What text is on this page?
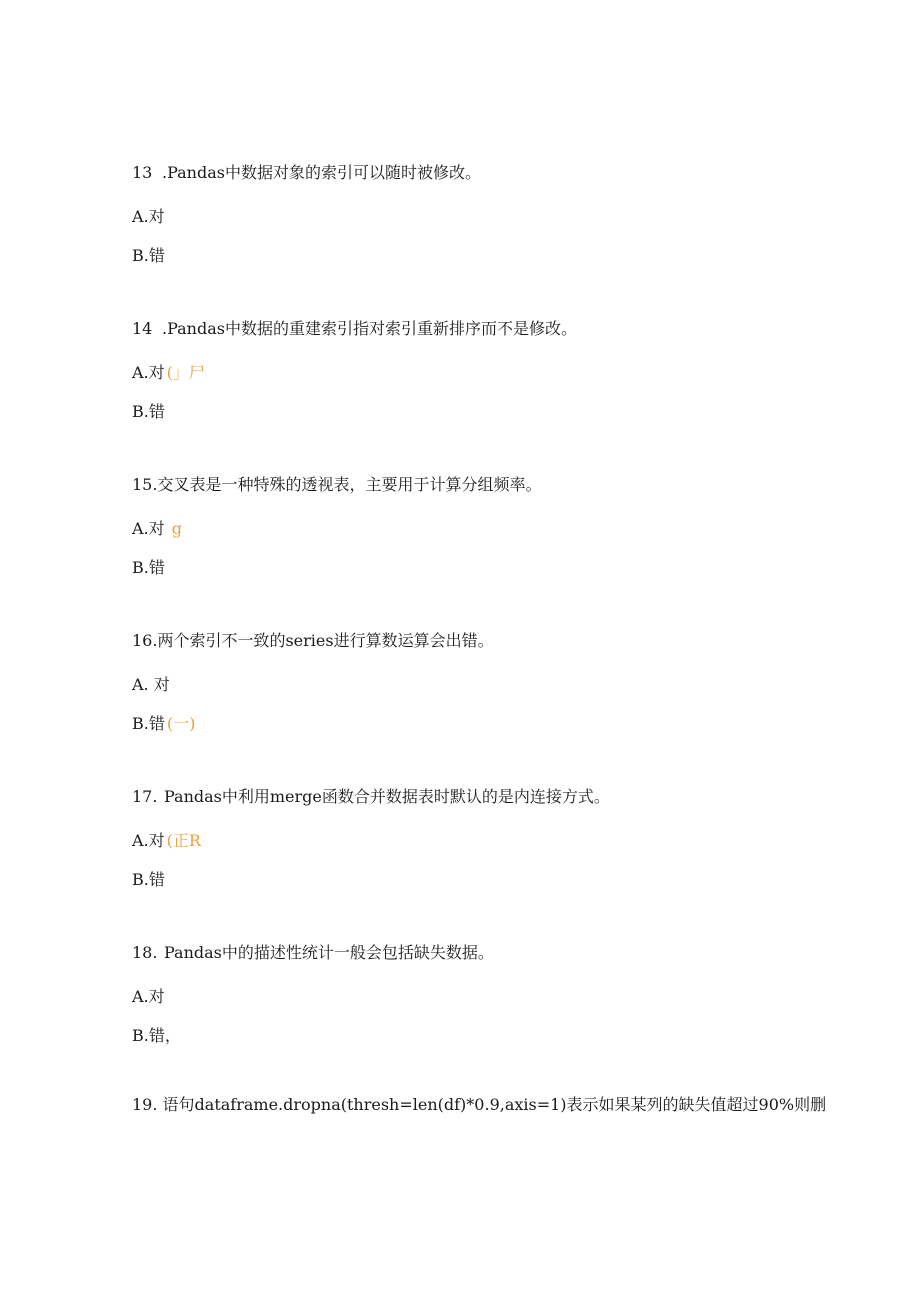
13 .Pandas中数据对象的索引可以随时被修改。
A.对
B.错
14 .Pandas中数据的重建索引指对索引重新排序而不是修改。
A.对 (」尸
B.错
15.交叉表是一种特殊的透视表，主要用于计算分组频率。
A.对 g
B.错
16.两个索引不一致的series进行算数运算会出错。
A. 对
B.错 (一)
17. Pandas中利用merge函数合并数据表时默认的是内连接方式。
A.对 (正R
B.错
18. Pandas中的描述性统计一般会包括缺失数据。
A.对
B.错，
19. 语句dataframe.dropna(thresh=len(df)*0.9,axis=1)表示如果某列的缺失值超过90%则删
